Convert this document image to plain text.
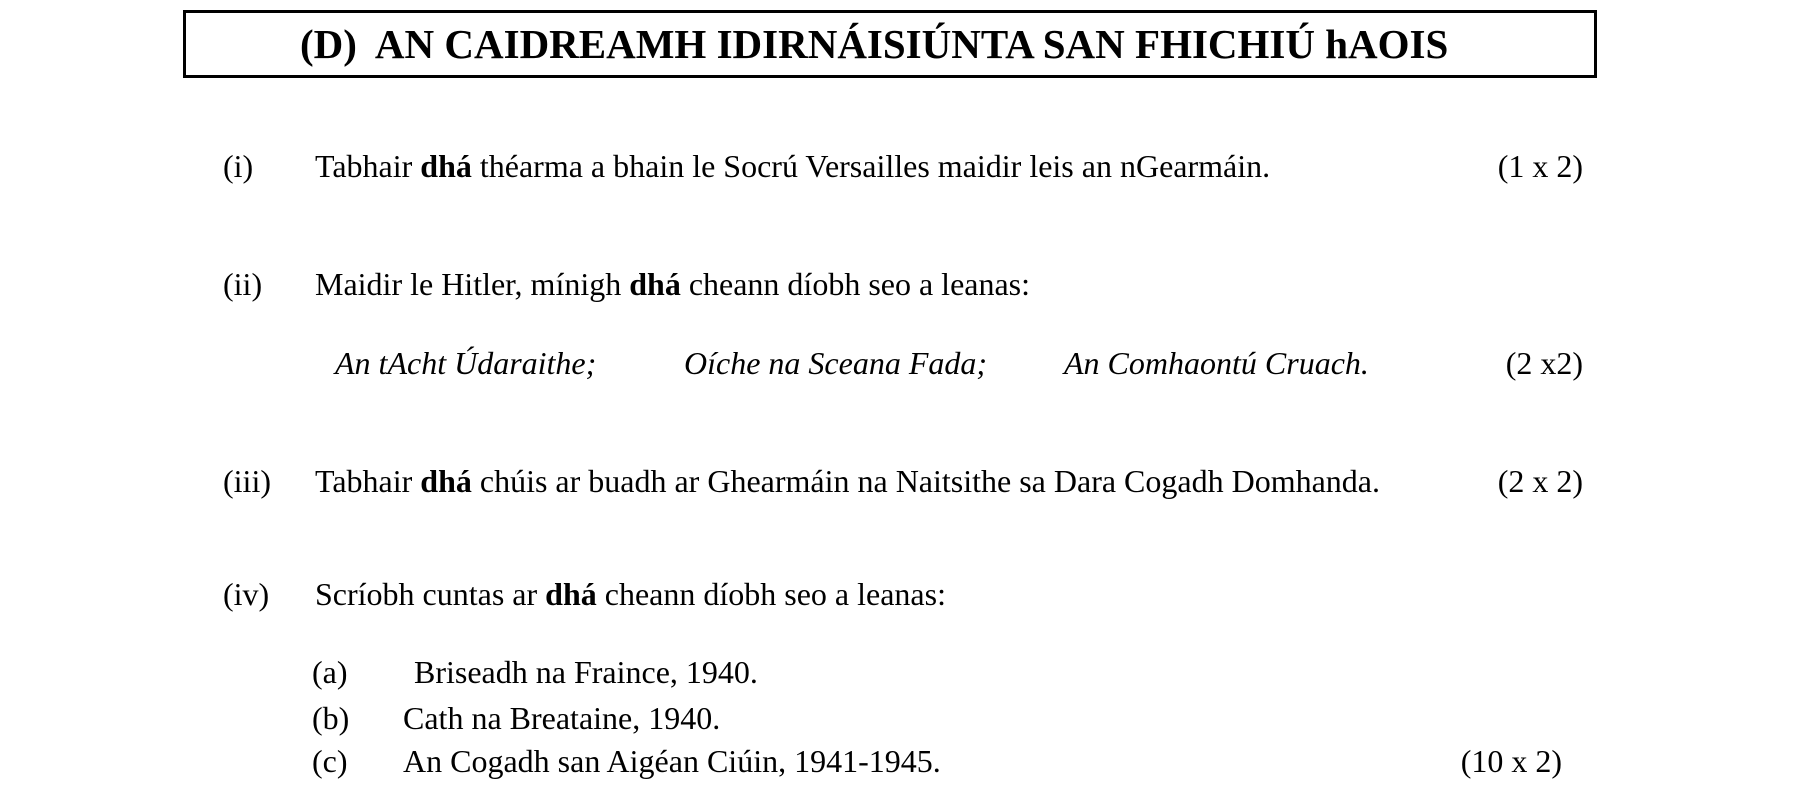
(D) AN CAIDREAMH IDIRNÁISIÚNTA SAN FHICHIÚ hAOIS
(i) Tabhair dhá théarma a bhain le Socrú Versailles maidir leis an nGearmáin.	(1 x 2)
(ii) Maidir le Hitler, mínigh dhá cheann díobh seo a leanas:
An tAcht Údaraithe;	Oíche na Sceana Fada; An Comhaontú Cruach.	(2 x2)
(iii) Tabhair dhá chúis ar buadh ar Ghearmáin na Naitsithe sa Dara Cogadh Domhanda.	(2 x 2)
(iv) Scríobh cuntas ar dhá cheann díobh seo a leanas:
(a) Briseadh na Fraince, 1940.
(b) Cath na Breataine, 1940.
(c) An Cogadh san Aigéan Ciúin, 1941-1945.	(10 x 2)
